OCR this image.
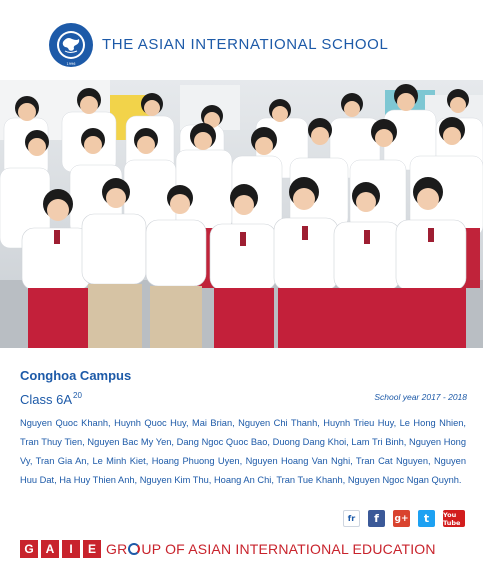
1996
THE ASIAN INTERNATIONAL SCHOOL
Conghoa Campus
Class $6A^{20}$	School year 2017 - 2018
Nguyen Quoc Khanh, Huynh Quoc Huy, Mai Brian, Nguyen Chi Thanh, Huynh Trieu Huy, Le Hong Nhien, Tran Thuy Tien, Nguyen Bac My Yen, Dang Ngoc Quoc Bao, Duong Dang Khoi, Lam Tri Binh, Nguyen Hong Vy, Tran Gia An, Le Minh Kiet, Hoang Phuong Uyen, Nguyen Hoang Van Nghi, Tran Cat Nguyen, Nguyen Huu Dat, Ha Huy Thien Anh, Nguyen Kim Thu, Hoang An Chi, Tran Tue Khanh, Nguyen Ngoc Ngan Quynh.
fr	f	g+	t	You Tube
G A	I	E GR UP OF ASIAN INTERNATIONAL EDUCATION
